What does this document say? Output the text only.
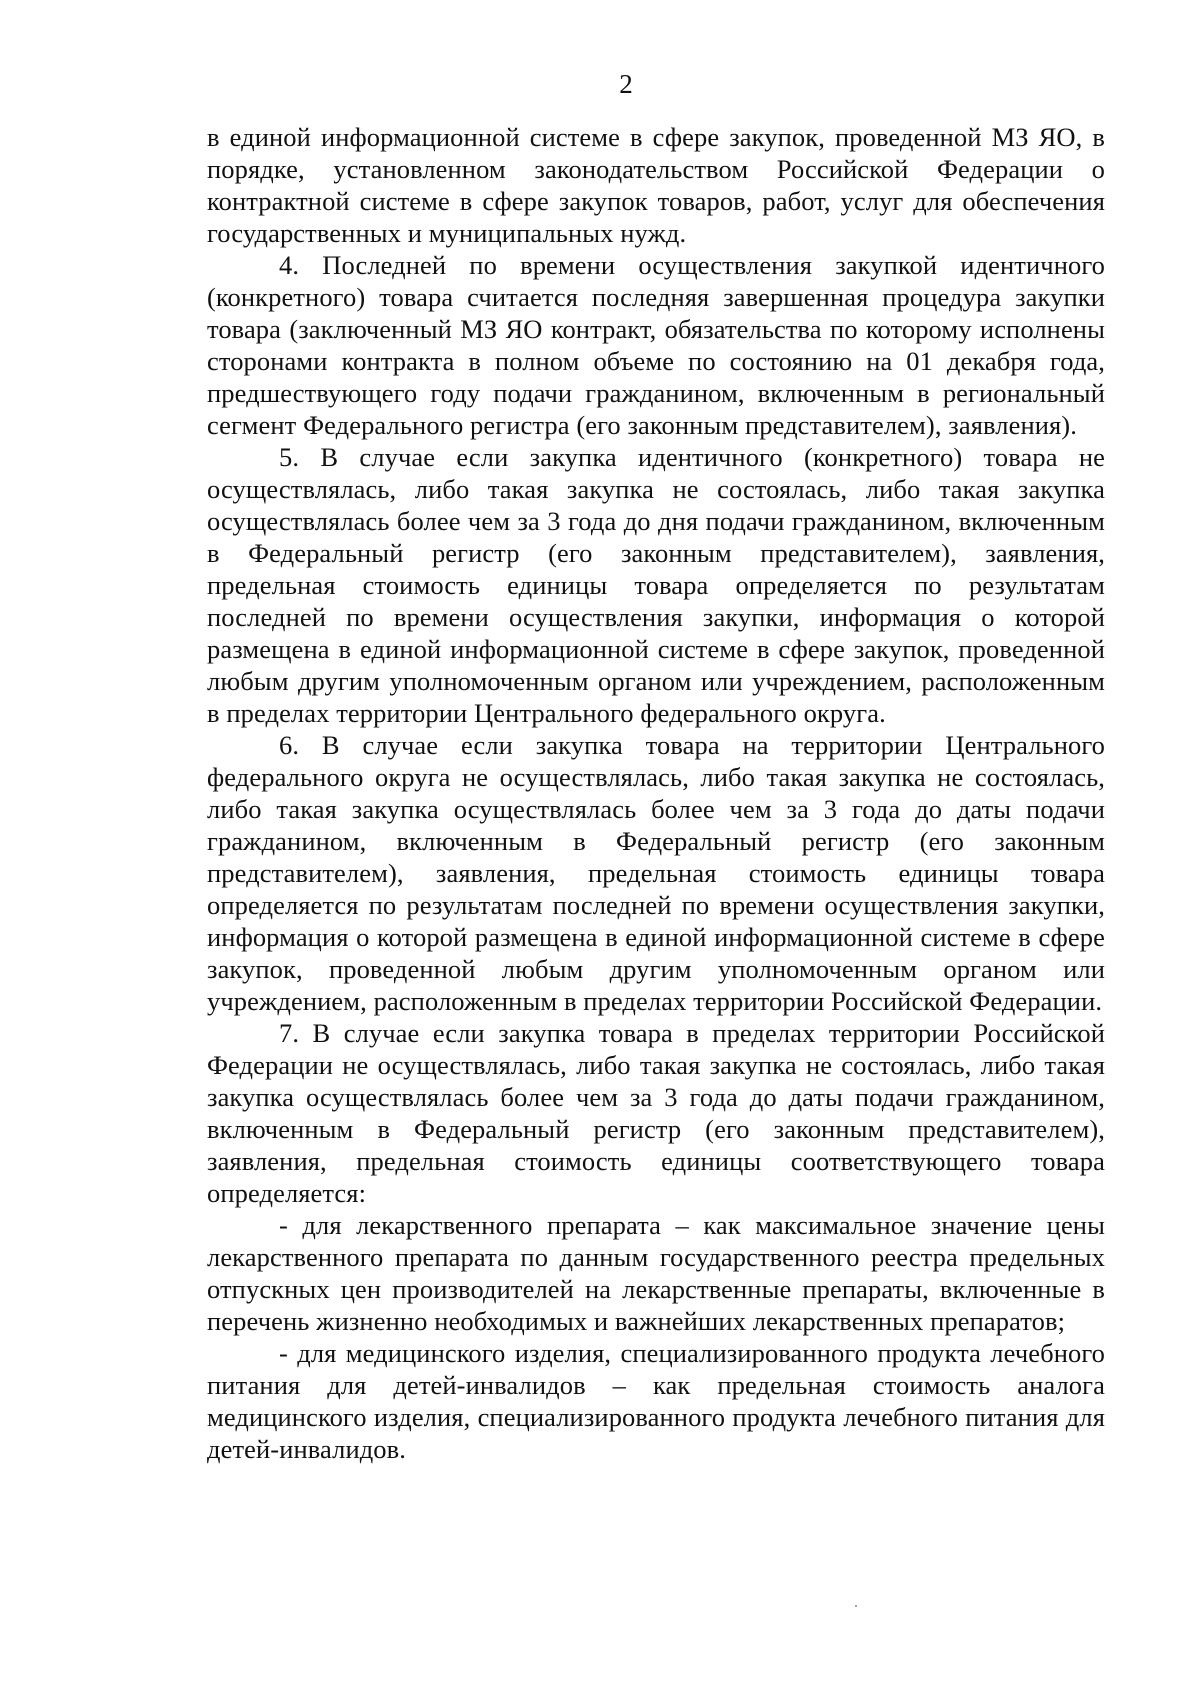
2

в единой информационной системе в сфере закупок, проведенной МЗ ЯО, в порядке, установленном законодательством Российской Федерации о контрактной системе в сфере закупок товаров, работ, услуг для обеспечения государственных и муниципальных нужд.

4. Последней по времени осуществления закупкой идентичного (конкретного) товара считается последняя завершенная процедура закупки товара (заключенный МЗ ЯО контракт, обязательства по которому исполнены сторонами контракта в полном объеме по состоянию на 01 декабря года, предшествующего году подачи гражданином, включенным в региональный сегмент Федерального регистра (его законным представителем), заявления).

5. В случае если закупка идентичного (конкретного) товара не осуществлялась, либо такая закупка не состоялась, либо такая закупка осуществлялась более чем за 3 года до дня подачи гражданином, включенным в Федеральный регистр (его законным представителем), заявления, предельная стоимость единицы товара определяется по результатам последней по времени осуществления закупки, информация о которой размещена в единой информационной системе в сфере закупок, проведенной любым другим уполномоченным органом или учреждением, расположенным в пределах территории Центрального федерального округа.

6. В случае если закупка товара на территории Центрального федерального округа не осуществлялась, либо такая закупка не состоялась, либо такая закупка осуществлялась более чем за 3 года до даты подачи гражданином, включенным в Федеральный регистр (его законным представителем), заявления, предельная стоимость единицы товара определяется по результатам последней по времени осуществления закупки, информация о которой размещена в единой информационной системе в сфере закупок, проведенной любым другим уполномоченным органом или учреждением, расположенным в пределах территории Российской Федерации.

7. В случае если закупка товара в пределах территории Российской Федерации не осуществлялась, либо такая закупка не состоялась, либо такая закупка осуществлялась более чем за 3 года до даты подачи гражданином, включенным в Федеральный регистр (его законным представителем), заявления, предельная стоимость единицы соответствующего товара определяется:

- для лекарственного препарата – как максимальное значение цены лекарственного препарата по данным государственного реестра предельных отпускных цен производителей на лекарственные препараты, включенные в перечень жизненно необходимых и важнейших лекарственных препаратов;

- для медицинского изделия, специализированного продукта лечебного питания для детей-инвалидов – как предельная стоимость аналога медицинского изделия, специализированного продукта лечебного питания для детей-инвалидов.
